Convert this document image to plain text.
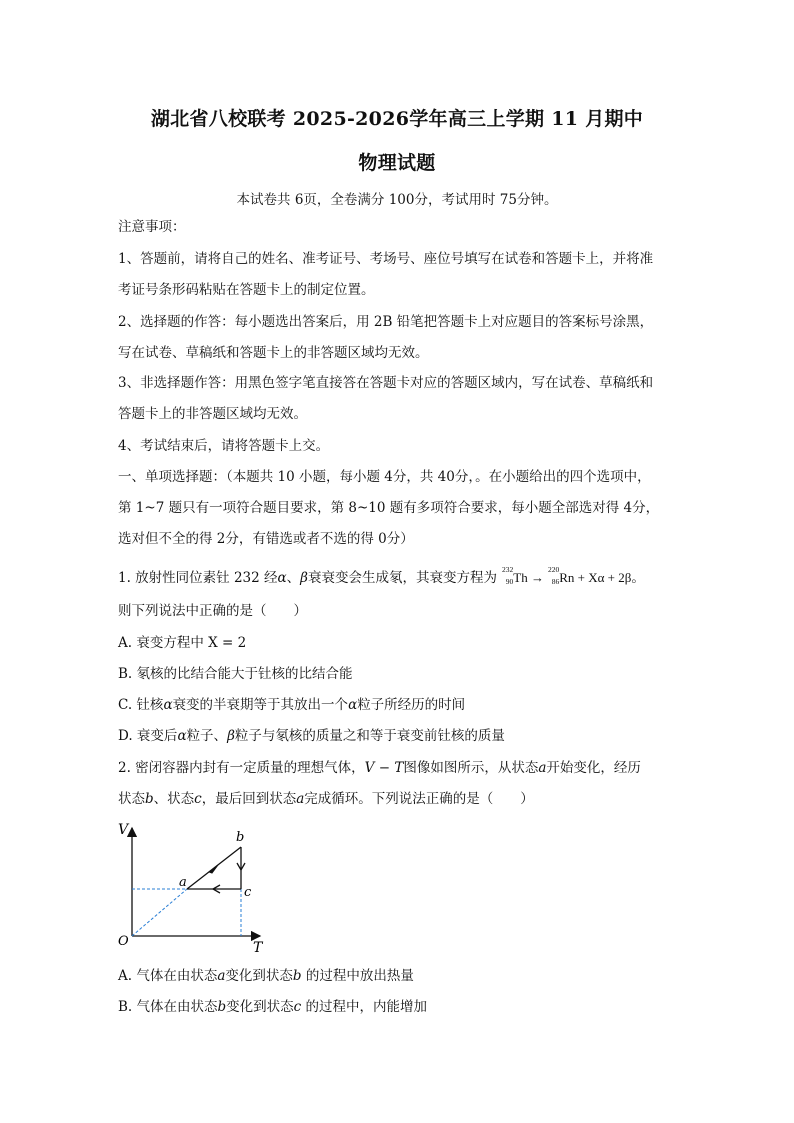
湖北省八校联考 2025-2026学年高三上学期 11 月期中
物理试题
本试卷共 6页，全卷满分 100分，考试用时 75分钟。
注意事项：
1、答题前，请将自己的姓名、准考证号、考场号、座位号填写在试卷和答题卡上，并将准
考证号条形码粘贴在答题卡上的制定位置。
2、选择题的作答：每小题选出答案后，用 2B 铅笔把答题卡上对应题目的答案标号涂黑，
写在试卷、草稿纸和答题卡上的非答题区域均无效。
3、非选择题作答：用黑色签字笔直接答在答题卡对应的答题区域内，写在试卷、草稿纸和
答题卡上的非答题区域均无效。
4、考试结束后，请将答题卡上交。
一、单项选择题：（本题共 10 小题，每小题 4分，共 40分，。在小题给出的四个选项中，
第 1~7 题只有一项符合题目要求，第 8~10 题有多项符合要求，每小题全部选对得 4分，
选对但不全的得 2分，有错选或者不选的得 0分）
1. 放射性同位素钍 232 经α、β衰衰变会生成氡，其衰变方程为
232
90 Th →
220
86 Rn + Xα + 2β。
则下列说法中正确的是（　　）
A. 衰变方程中 X = 2
B. 氡核的比结合能大于钍核的比结合能
C. 钍核α衰变的半衰期等于其放出一个α粒子所经历的时间
D. 衰变后α粒子、β粒子与氡核的质量之和等于衰变前钍核的质量
2. 密闭容器内封有一定质量的理想气体，V − T图像如图所示，从状态a开始变化，经历
状态b、状态c，最后回到状态a完成循环。下列说法正确的是（　　）
V
T
O
a
b
c
A. 气体在由状态a变化到状态b 的过程中放出热量
B. 气体在由状态b变化到状态c 的过程中，内能增加
